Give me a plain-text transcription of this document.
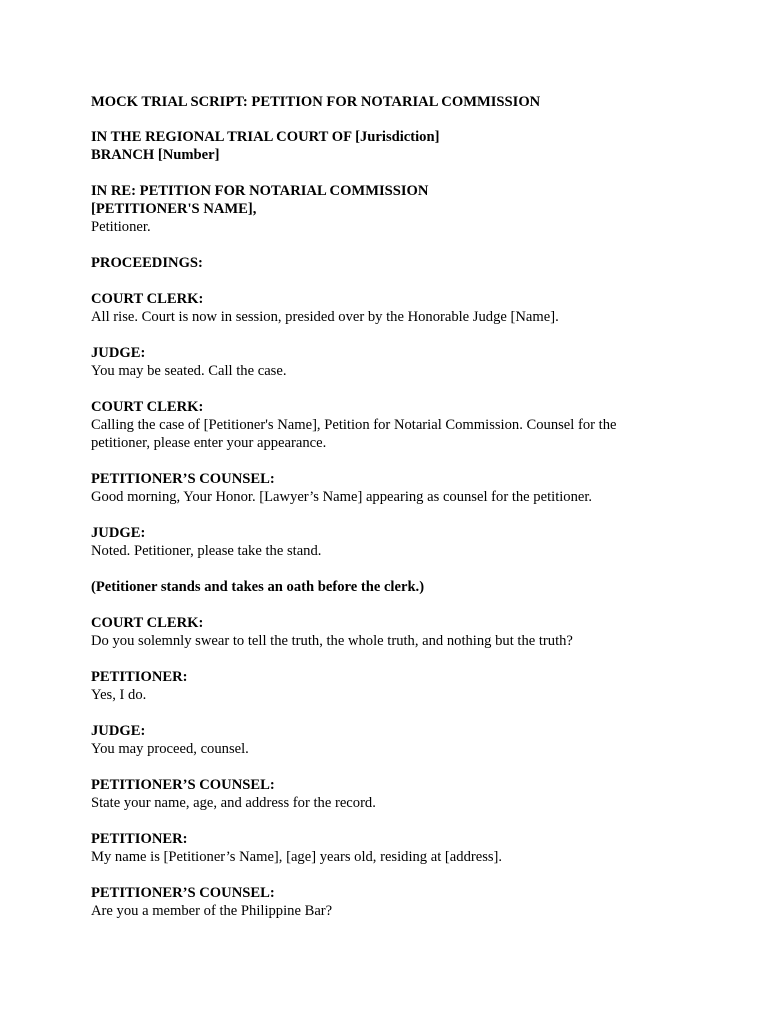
MOCK TRIAL SCRIPT: PETITION FOR NOTARIAL COMMISSION
IN THE REGIONAL TRIAL COURT OF [Jurisdiction]
BRANCH [Number]
IN RE: PETITION FOR NOTARIAL COMMISSION
[PETITIONER'S NAME],
Petitioner.
PROCEEDINGS:
COURT CLERK:
All rise. Court is now in session, presided over by the Honorable Judge [Name].
JUDGE:
You may be seated. Call the case.
COURT CLERK:
Calling the case of [Petitioner's Name], Petition for Notarial Commission. Counsel for the petitioner, please enter your appearance.
PETITIONER’S COUNSEL:
Good morning, Your Honor. [Lawyer’s Name] appearing as counsel for the petitioner.
JUDGE:
Noted. Petitioner, please take the stand.
(Petitioner stands and takes an oath before the clerk.)
COURT CLERK:
Do you solemnly swear to tell the truth, the whole truth, and nothing but the truth?
PETITIONER:
Yes, I do.
JUDGE:
You may proceed, counsel.
PETITIONER’S COUNSEL:
State your name, age, and address for the record.
PETITIONER:
My name is [Petitioner’s Name], [age] years old, residing at [address].
PETITIONER’S COUNSEL:
Are you a member of the Philippine Bar?
